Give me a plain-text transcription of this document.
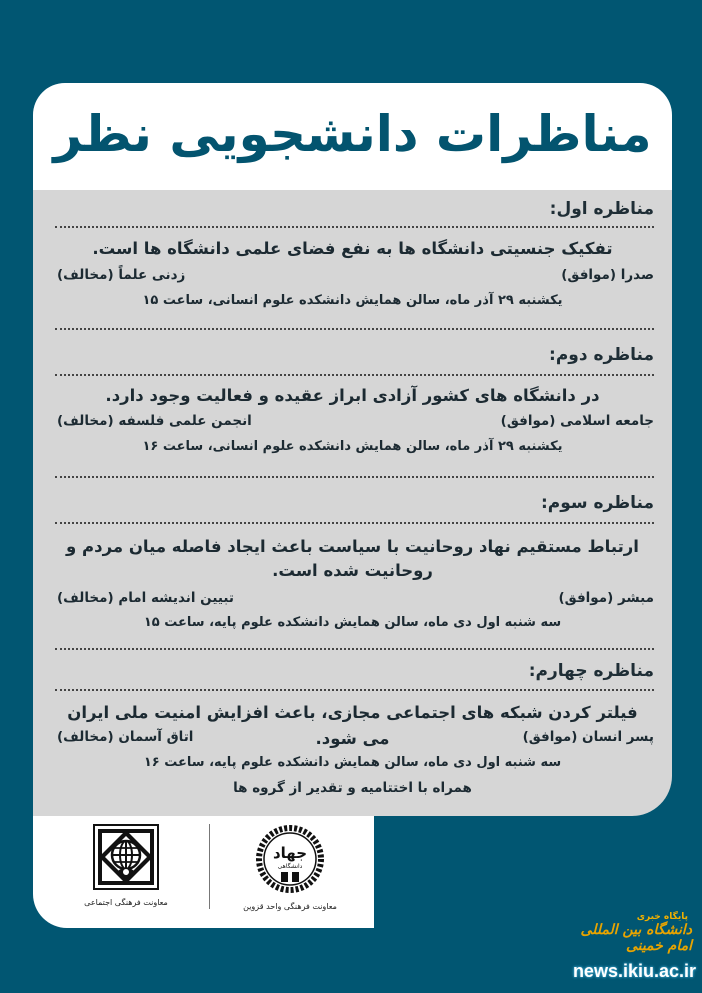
مناظرات دانشجویی نظر
مناظره اول:
تفکیک جنسیتی دانشگاه ها به نفع فضای علمی دانشگاه ها است.
صدرا (موافق)
زدنی علماً (مخالف)
یکشنبه ۲۹ آذر ماه، سالن همایش دانشکده علوم انسانی، ساعت ۱۵
مناظره دوم:
در دانشگاه های کشور آزادی ابراز عقیده و فعالیت وجود دارد.
جامعه اسلامی (موافق)
انجمن علمی فلسفه (مخالف)
یکشنبه ۲۹ آذر ماه، سالن همایش دانشکده علوم انسانی، ساعت ۱۶
مناظره سوم:
ارتباط مستقیم نهاد روحانیت با سیاست باعث ایجاد فاصله میان مردم و
روحانیت شده است.
مبشر (موافق)
تبیین اندیشه امام (مخالف)
سه شنبه اول دی ماه، سالن همایش دانشکده علوم پایه، ساعت ۱۵
مناظره چهارم:
فیلتر کردن شبکه های اجتماعی مجازی، باعث افزایش امنیت ملی ایران می شود.	پسر انسان (موافق)
اتاق آسمان (مخالف)
سه شنبه اول دی ماه، سالن همایش دانشکده علوم پایه، ساعت ۱۶
همراه با اختتامیه و تقدیر از گروه ها
معاونت فرهنگی اجتماعی
جهاد
دانشگاهی
معاونت فرهنگی واحد قزوین
پایگاه خبری
دانشگاه بین المللی امام خمینی
news.ikiu.ac.ir
